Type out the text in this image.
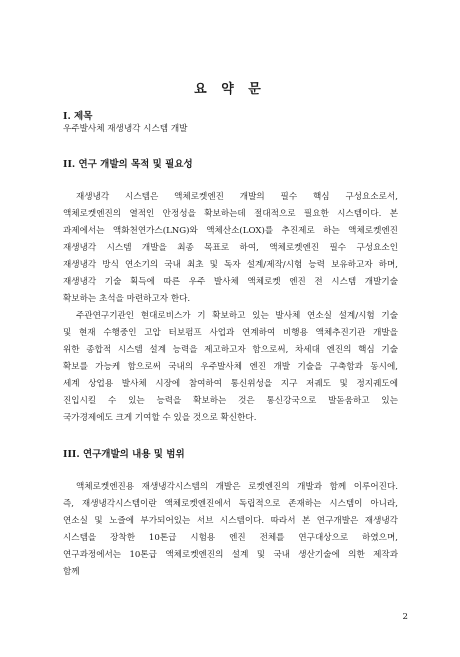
요 약 문
I. 제목
우주발사체 재생냉각 시스템 개발
II. 연구 개발의 목적 및 필요성
재생냉각 시스템은 액체로켓엔진 개발의 필수 핵심 구성요소로서,
액체로켓엔진의 열적인 안정성을 확보하는데 절대적으로 필요한 시스템이다. 본
과제에서는 액화천연가스(LNG)와 액체산소(LOX)를 추진제로 하는 액체로켓엔진
재생냉각 시스템 개발을 최종 목표로 하여, 액체로켓엔진 필수 구성요소인
재생냉각 방식 연소기의 국내 최초 및 독자 설계/제작/시험 능력 보유하고자 하며,
재생냉각 기술 획득에 따른 우주 발사체 액체로켓 엔진 전 시스템 개발기술
확보하는 초석을 마련하고자 한다.
주관연구기관인 현대로비스가 기 확보하고 있는 발사체 연소실 설계/시험 기술
및 현재 수행중인 고압 터보펌프 사업과 연계하여 비행용 액체추진기관 개발을
위한 종합적 시스템 설계 능력을 제고하고자 함으로써, 차세대 엔진의 핵심 기술
확보를 가능케 함으로써 국내의 우주발사체 엔진 개발 기술을 구축함과 동시에,
세계 상업용 발사체 시장에 참여하여 통신위성을 지구 저궤도 및 정지궤도에
진입시킬 수 있는 능력을 확보하는 것은 통신강국으로 발돋움하고 있는
국가경제에도 크게 기여할 수 있을 것으로 확신한다.
III. 연구개발의 내용 및 범위
액체로켓엔진용 재생냉각시스템의 개발은 로켓엔진의 개발과 함께 이루어진다.
즉, 재생냉각시스템이란 액체로켓엔진에서 독립적으로 존재하는 시스템이 아니라,
연소실 및 노즐에 부가되어있는 서브 시스템이다. 따라서 본 연구개발은 재생냉각
시스템을 장착한 10톤급 시험용 엔진 전체를 연구대상으로 하였으며,
연구과정에서는 10톤급 액체로켓엔진의 설계 및 국내 생산기술에 의한 제작과
함께
2
